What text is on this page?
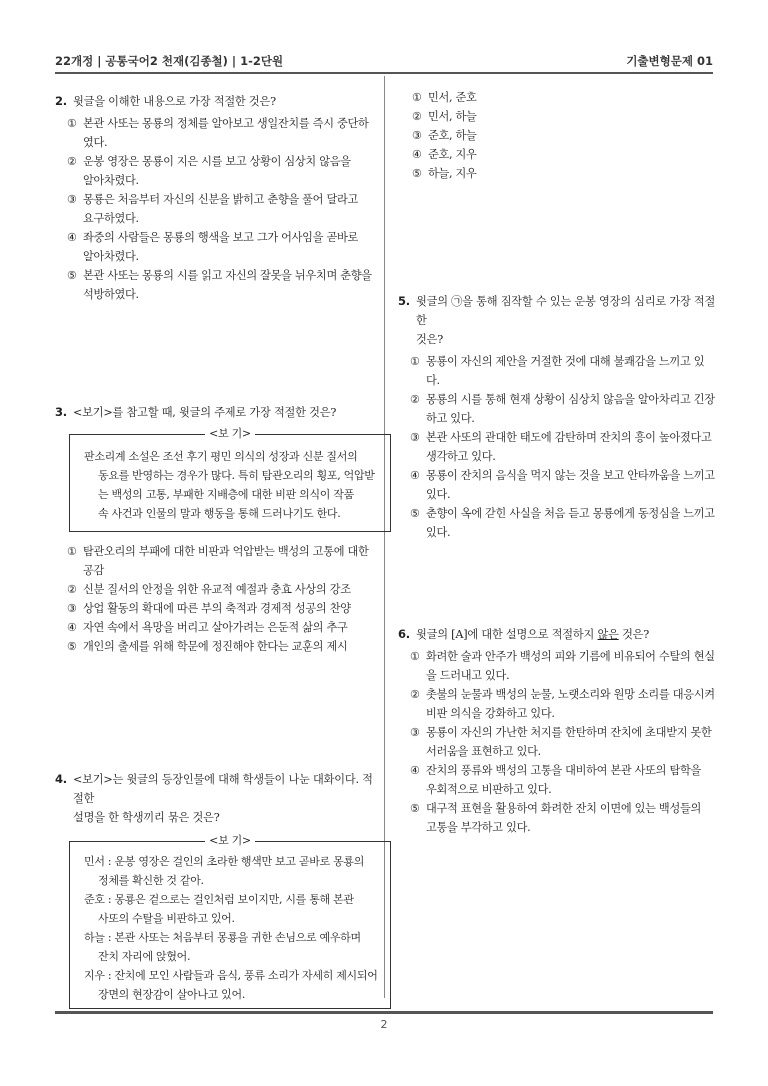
22개정 | 공통국어2 천재(김종철) | 1-2단원	기출변형문제 01
2. 윗글을 이해한 내용으로 가장 적절한 것은?
① 본관 사또는 몽룡의 정체를 알아보고 생일잔치를 즉시 중단하
였다.
② 운봉 영장은 몽룡이 지은 시를 보고 상황이 심상치 않음을
알아차렸다.
③ 몽룡은 처음부터 자신의 신분을 밝히고 춘향을 풀어 달라고
요구하였다.
④ 좌중의 사람들은 몽룡의 행색을 보고 그가 어사임을 곧바로
알아차렸다.
⑤ 본관 사또는 몽룡의 시를 읽고 자신의 잘못을 뉘우치며 춘향을
석방하였다.
3. <보기>를 참고할 때, 윗글의 주제로 가장 적절한 것은?
<보 기>
판소리계 소설은 조선 후기 평민 의식의 성장과 신분 질서의
동요를 반영하는 경우가 많다. 특히 탐관오리의 횡포, 억압받
는 백성의 고통, 부패한 지배층에 대한 비판 의식이 작품
속 사건과 인물의 말과 행동을 통해 드러나기도 한다.
① 탐관오리의 부패에 대한 비판과 억압받는 백성의 고통에 대한
공감
② 신분 질서의 안정을 위한 유교적 예절과 충효 사상의 강조
③ 상업 활동의 확대에 따른 부의 축적과 경제적 성공의 찬양
④ 자연 속에서 욕망을 버리고 살아가려는 은둔적 삶의 추구
⑤ 개인의 출세를 위해 학문에 정진해야 한다는 교훈의 제시
4. <보기>는 윗글의 등장인물에 대해 학생들이 나눈 대화이다. 적절한
설명을 한 학생끼리 묶은 것은?
<보 기>
민서 : 운봉 영장은 걸인의 초라한 행색만 보고 곧바로 몽룡의
정체를 확신한 것 같아.
준호 : 몽룡은 겉으로는 걸인처럼 보이지만, 시를 통해 본관
사또의 수탈을 비판하고 있어.
하늘 : 본관 사또는 처음부터 몽룡을 귀한 손님으로 예우하며
잔치 자리에 앉혔어.
지우 : 잔치에 모인 사람들과 음식, 풍류 소리가 자세히 제시되어
장면의 현장감이 살아나고 있어.
① 민서, 준호
② 민서, 하늘
③ 준호, 하늘
④ 준호, 지우
⑤ 하늘, 지우
5. 윗글의 ㉠을 통해 짐작할 수 있는 운봉 영장의 심리로 가장 적절한
것은?
① 몽룡이 자신의 제안을 거절한 것에 대해 불쾌감을 느끼고 있다.
② 몽룡의 시를 통해 현재 상황이 심상치 않음을 알아차리고 긴장
하고 있다.
③ 본관 사또의 관대한 태도에 감탄하며 잔치의 흥이 높아졌다고
생각하고 있다.
④ 몽룡이 잔치의 음식을 먹지 않는 것을 보고 안타까움을 느끼고
있다.
⑤ 춘향이 옥에 갇힌 사실을 처음 듣고 몽룡에게 동정심을 느끼고
있다.
6. 윗글의 [A]에 대한 설명으로 적절하지 않은 것은?
① 화려한 술과 안주가 백성의 피와 기름에 비유되어 수탈의 현실
을 드러내고 있다.
② 촛불의 눈물과 백성의 눈물, 노랫소리와 원망 소리를 대응시켜
비판 의식을 강화하고 있다.
③ 몽룡이 자신의 가난한 처지를 한탄하며 잔치에 초대받지 못한
서러움을 표현하고 있다.
④ 잔치의 풍류와 백성의 고통을 대비하여 본관 사또의 탐학을
우회적으로 비판하고 있다.
⑤ 대구적 표현을 활용하여 화려한 잔치 이면에 있는 백성들의
고통을 부각하고 있다.
2
